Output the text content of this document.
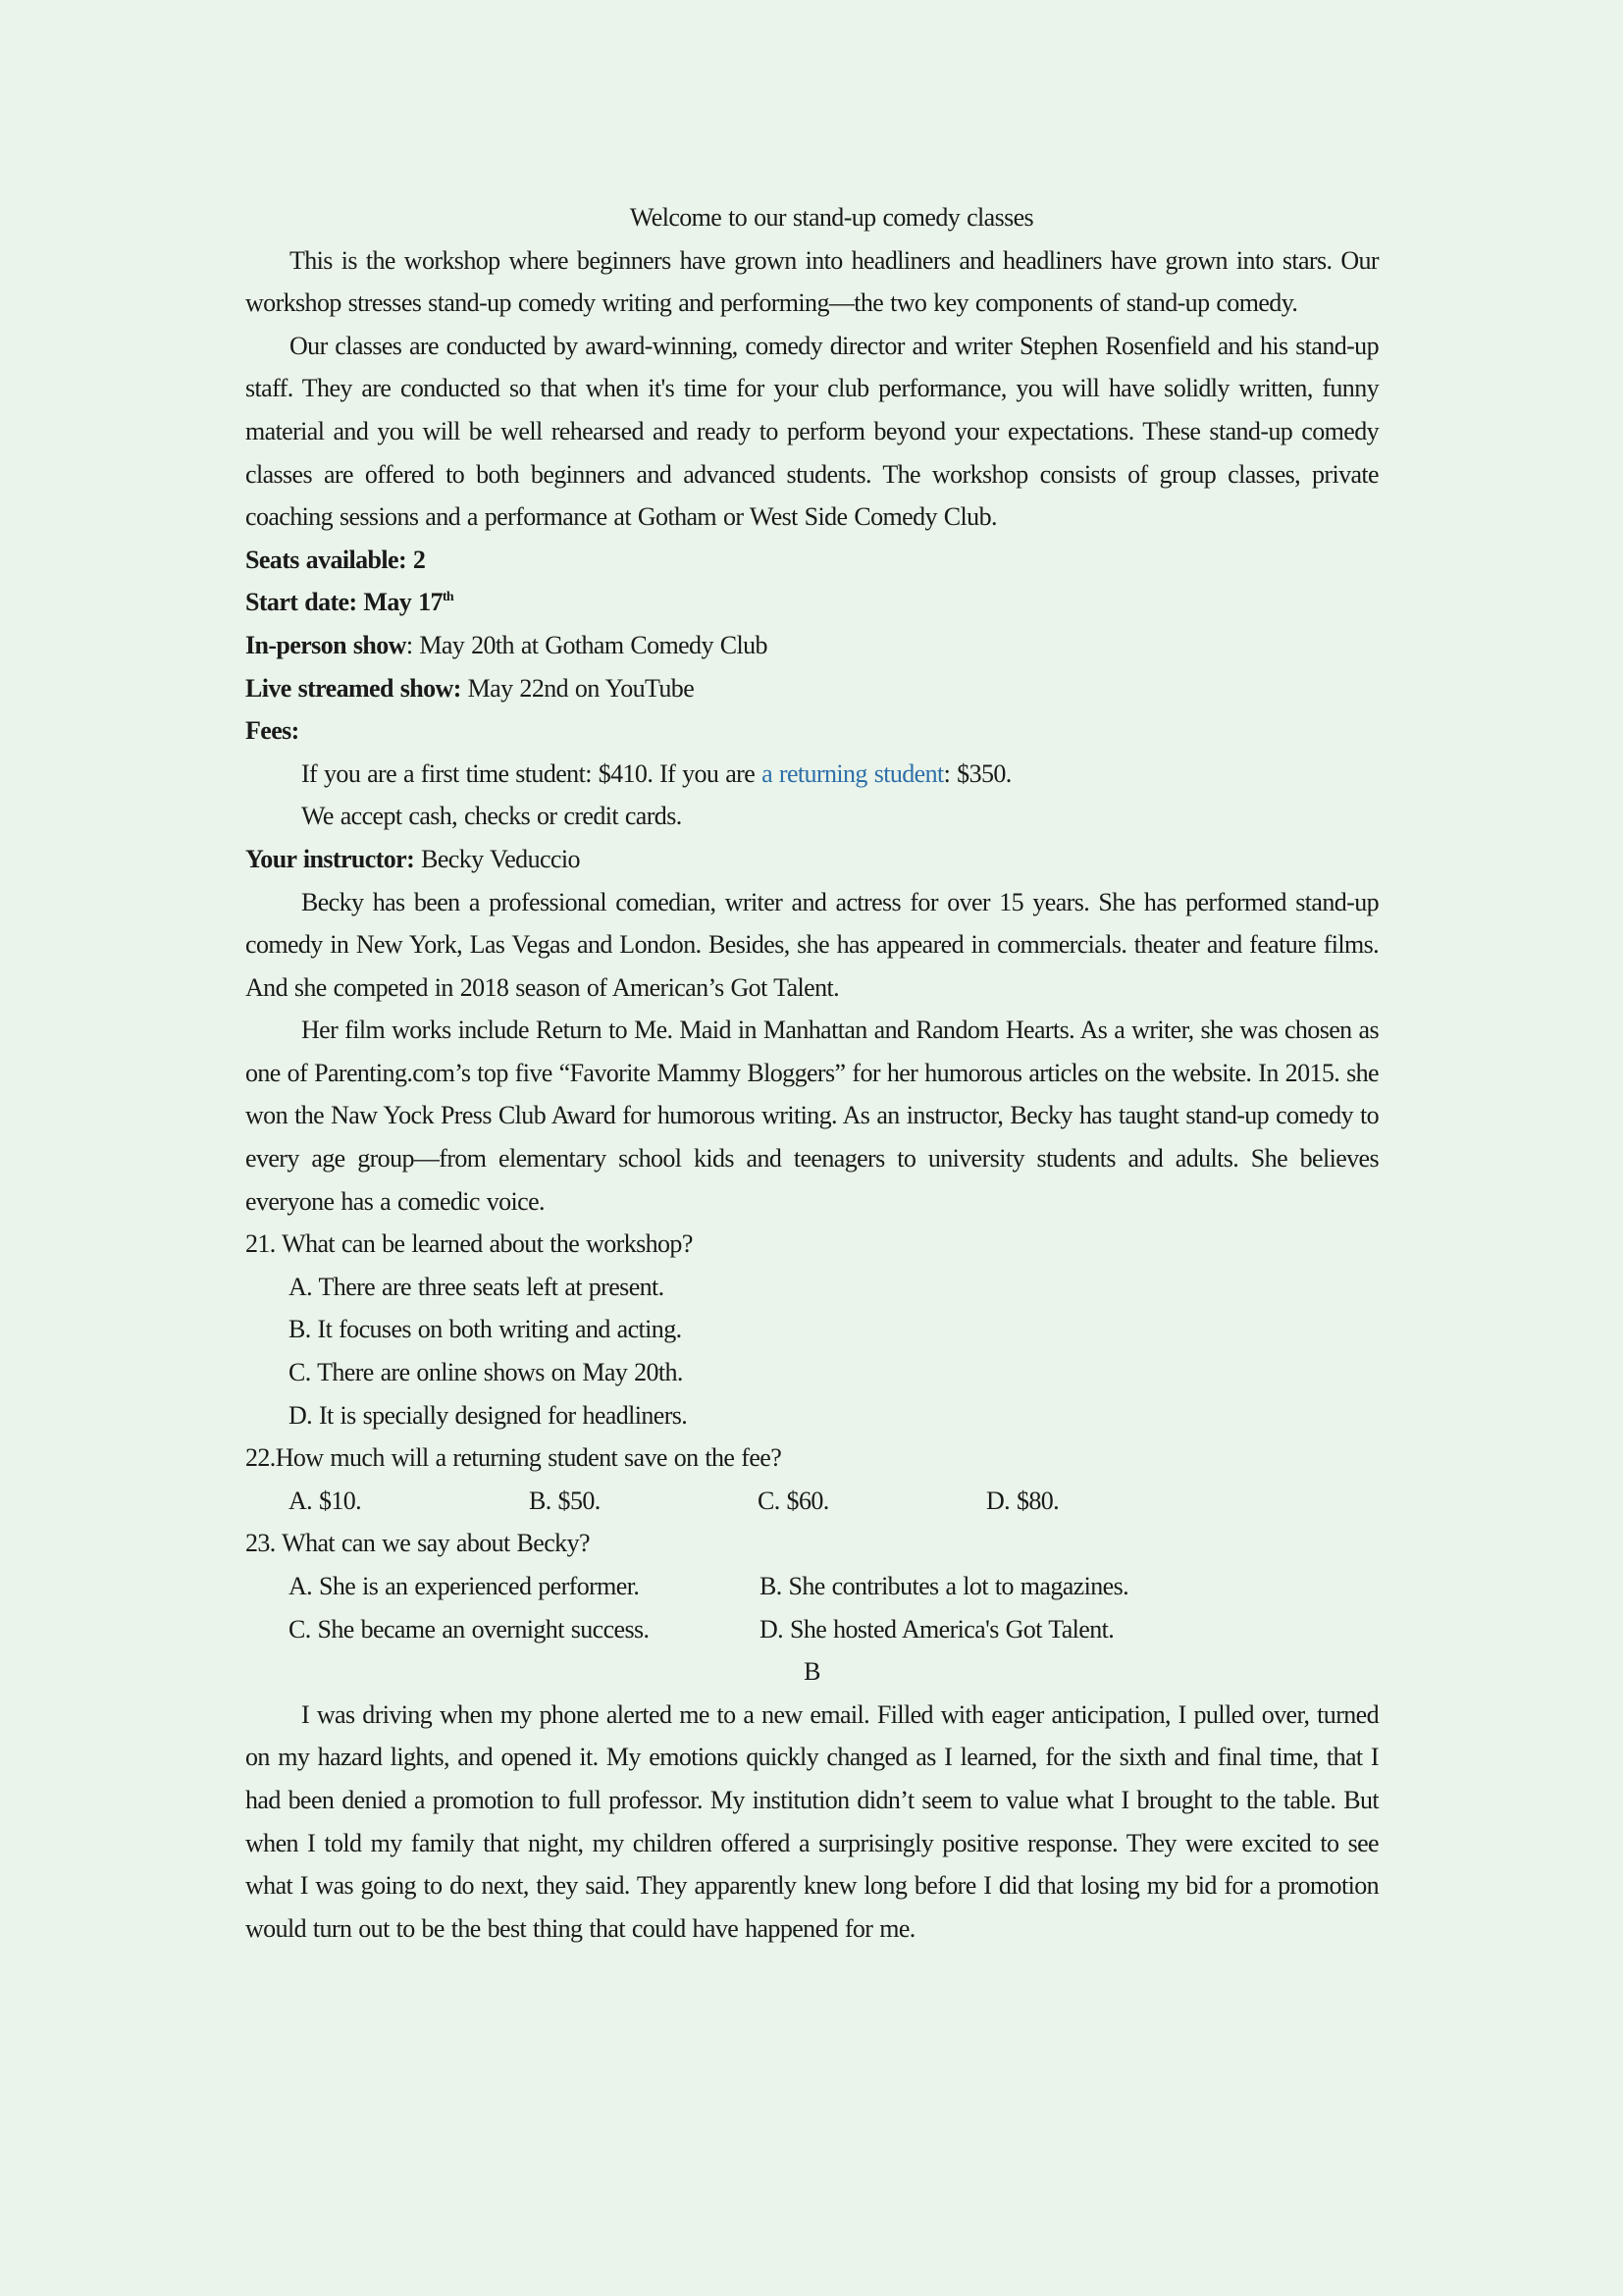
Welcome to our stand-up comedy classes
This is the workshop where beginners have grown into headliners and headliners have grown into stars. Our workshop stresses stand-up comedy writing and performing—the two key components of stand-up comedy.
Our classes are conducted by award-winning, comedy director and writer Stephen Rosenfield and his stand-up staff. They are conducted so that when it's time for your club performance, you will have solidly written, funny material and you will be well rehearsed and ready to perform beyond your expectations. These stand-up comedy classes are offered to both beginners and advanced students. The workshop consists of group classes, private coaching sessions and a performance at Gotham or West Side Comedy Club.
Seats available: 2
Start date: May 17th
In-person show: May 20th at Gotham Comedy Club
Live streamed show: May 22nd on YouTube
Fees:
If you are a first time student: $410. If you are a returning student: $350.
We accept cash, checks or credit cards.
Your instructor: Becky Veduccio
Becky has been a professional comedian, writer and actress for over 15 years. She has performed stand-up comedy in New York, Las Vegas and London. Besides, she has appeared in commercials. theater and feature films. And she competed in 2018 season of American’s Got Talent.
Her film works include Return to Me. Maid in Manhattan and Random Hearts. As a writer, she was chosen as one of Parenting.com’s top five “Favorite Mammy Bloggers” for her humorous articles on the website. In 2015. she won the Naw Yock Press Club Award for humorous writing. As an instructor, Becky has taught stand-up comedy to every age group—from elementary school kids and teenagers to university students and adults. She believes everyone has a comedic voice.
21. What can be learned about the workshop?
A. There are three seats left at present.
B. It focuses on both writing and acting.
C. There are online shows on May 20th.
D. It is specially designed for headliners.
22.How much will a returning student save on the fee?
A. $10.	B. $50.	C. $60.	D. $80.
23. What can we say about Becky?
A. She is an experienced performer.	B. She contributes a lot to magazines.
C. She became an overnight success.	D. She hosted America's Got Talent.
B
I was driving when my phone alerted me to a new email. Filled with eager anticipation, I pulled over, turned on my hazard lights, and opened it. My emotions quickly changed as I learned, for the sixth and final time, that I had been denied a promotion to full professor. My institution didn’t seem to value what I brought to the table. But when I told my family that night, my children offered a surprisingly positive response. They were excited to see what I was going to do next, they said. They apparently knew long before I did that losing my bid for a promotion would turn out to be the best thing that could have happened for me.
